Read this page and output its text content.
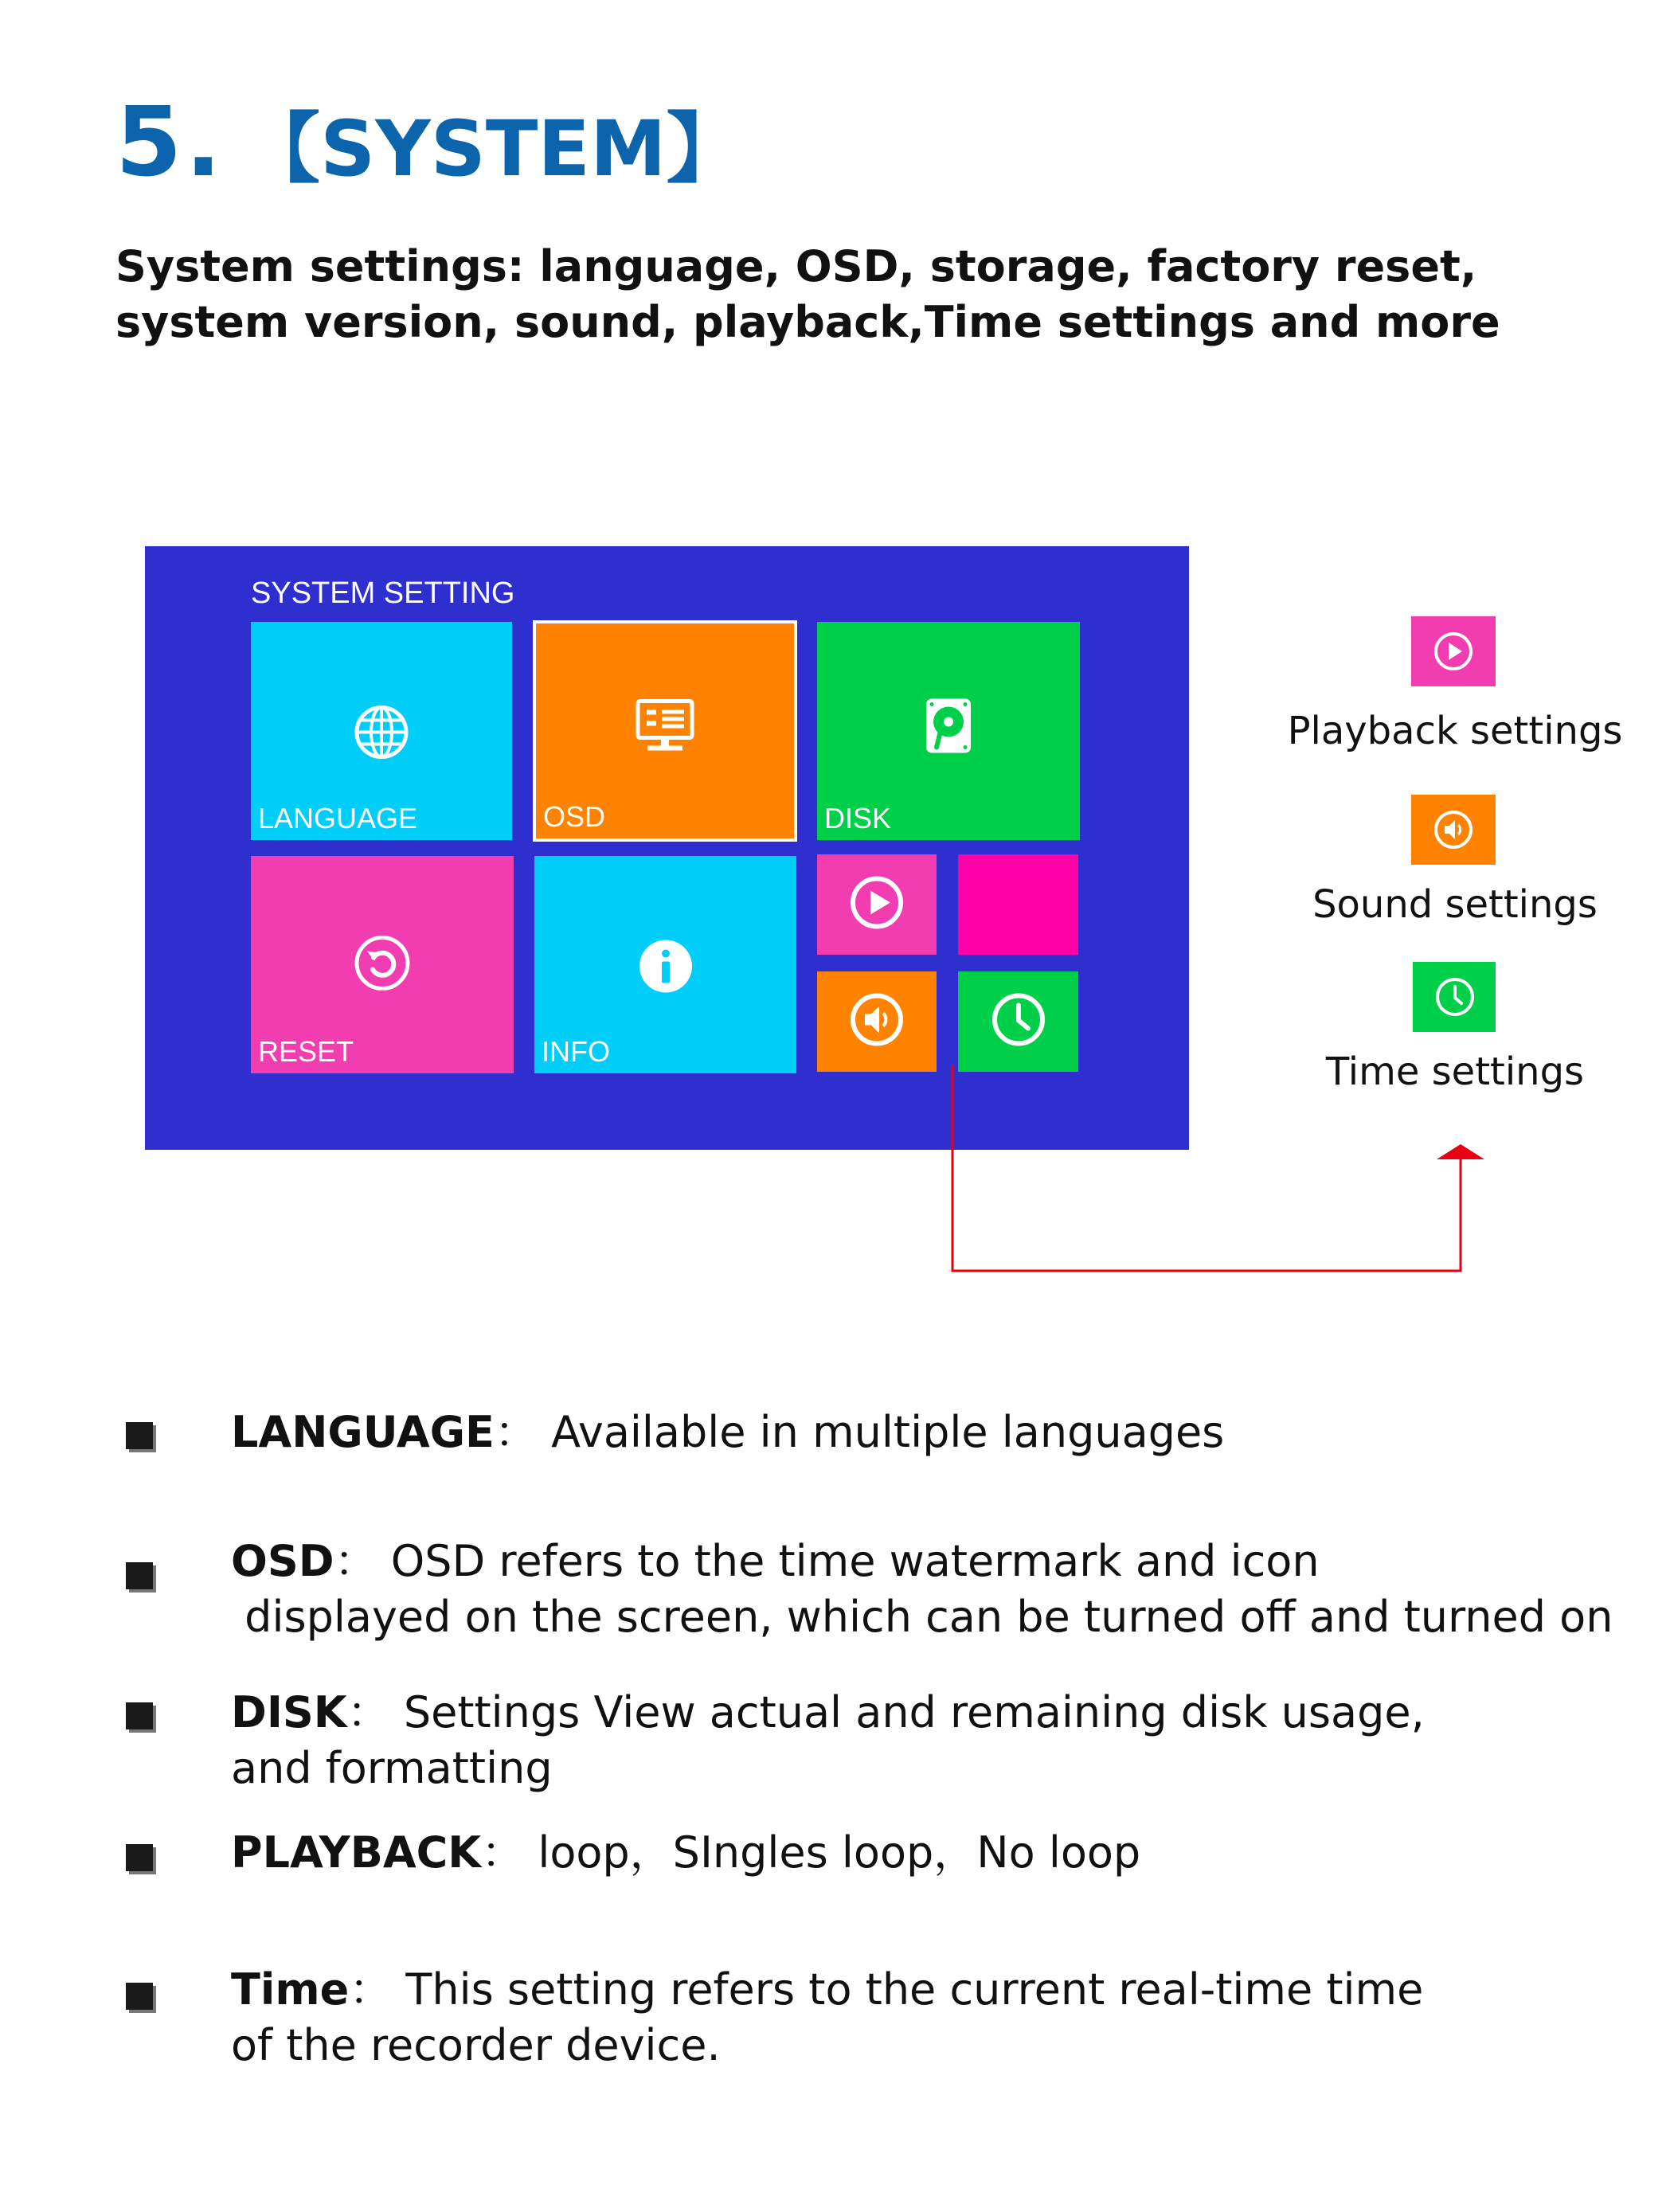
5. 【SYSTEM】
System settings: language, OSD, storage, factory reset,
system version, sound, playback,Time settings and more
SYSTEM SETTING
LANGUAGE	OSD	DISK
RESET	INFO
Playback settings
Sound settings
Time settings
LANGUAGE： Available in multiple languages
OSD： OSD refers to the time watermark and icon
displayed on the screen, which can be turned off and turned on
DISK： Settings View actual and remaining disk usage,
and formatting
PLAYBACK： loop，SIngles loop，No loop
Time： This setting refers to the current real-time time
of the recorder device.
